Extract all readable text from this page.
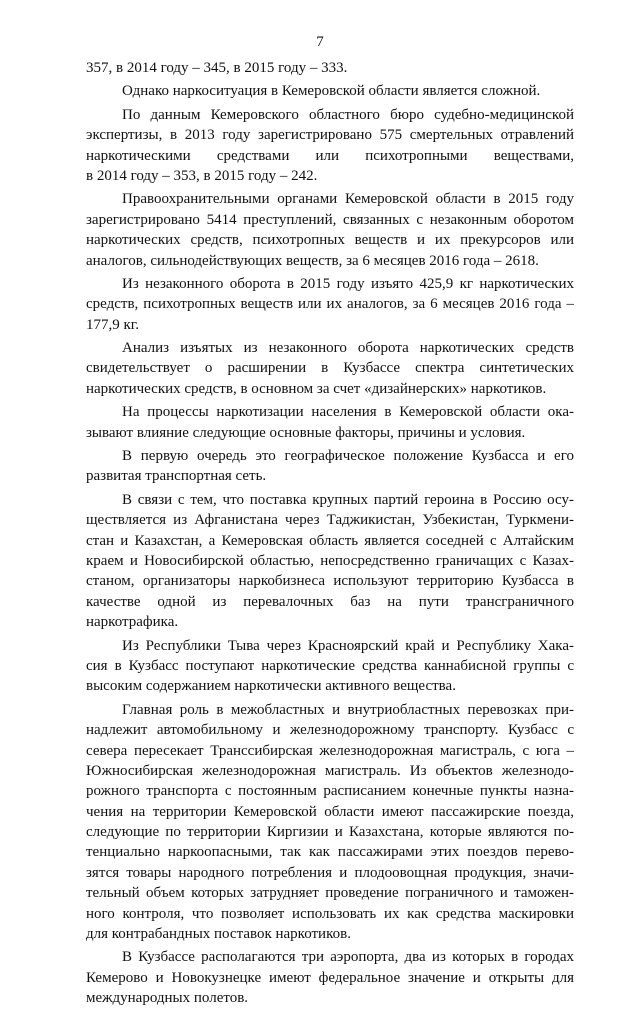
7
357, в 2014 году – 345, в 2015 году – 333.
Однако наркоситуация в Кемеровской области является сложной.
По данным Кемеровского областного бюро судебно-медицинской
экспертизы, в 2013 году зарегистрировано 575 смертельных отравлений
наркотическими средствами или психотропными веществами,
в 2014 году – 353, в 2015 году – 242.
Правоохранительными органами Кемеровской области в 2015 году
зарегистрировано 5414 преступлений, связанных с незаконным оборотом
наркотических средств, психотропных веществ и их прекурсоров или
аналогов, сильнодействующих веществ, за 6 месяцев 2016 года – 2618.
Из незаконного оборота в 2015 году изъято 425,9 кг наркотических
средств, психотропных веществ или их аналогов, за 6 месяцев 2016 года –
177,9 кг.
Анализ изъятых из незаконного оборота наркотических средств
свидетельствует о расширении в Кузбассе спектра синтетических
наркотических средств, в основном за счет «дизайнерских» наркотиков.
На процессы наркотизации населения в Кемеровской области ока-
зывают влияние следующие основные факторы, причины и условия.
В первую очередь это географическое положение Кузбасса и его
развитая транспортная сеть.
В связи с тем, что поставка крупных партий героина в Россию осу-
ществляется из Афганистана через Таджикистан, Узбекистан, Туркмени-
стан и Казахстан, а Кемеровская область является соседней с Алтайским
краем и Новосибирской областью, непосредственно граничащих с Казах-
станом, организаторы наркобизнеса используют территорию Кузбасса в
качестве одной из перевалочных баз на пути трансграничного
наркотрафика.
Из Республики Тыва через Красноярский край и Республику Хака-
сия в Кузбасс поступают наркотические средства каннабисной группы с
высоким содержанием наркотически активного вещества.
Главная роль в межобластных и внутриобластных перевозках при-
надлежит автомобильному и железнодорожному транспорту. Кузбасс с
севера пересекает Транссибирская железнодорожная магистраль, с юга –
Южносибирская железнодорожная магистраль. Из объектов железнодо-
рожного транспорта с постоянным расписанием конечные пункты назна-
чения на территории Кемеровской области имеют пассажирские поезда,
следующие по территории Киргизии и Казахстана, которые являются по-
тенциально наркоопасными, так как пассажирами этих поездов перево-
зятся товары народного потребления и плодоовощная продукция, значи-
тельный объем которых затрудняет проведение пограничного и таможен-
ного контроля, что позволяет использовать их как средства маскировки
для контрабандных поставок наркотиков.
В Кузбассе располагаются три аэропорта, два из которых в городах
Кемерово и Новокузнецке имеют федеральное значение и открыты для
международных полетов.
